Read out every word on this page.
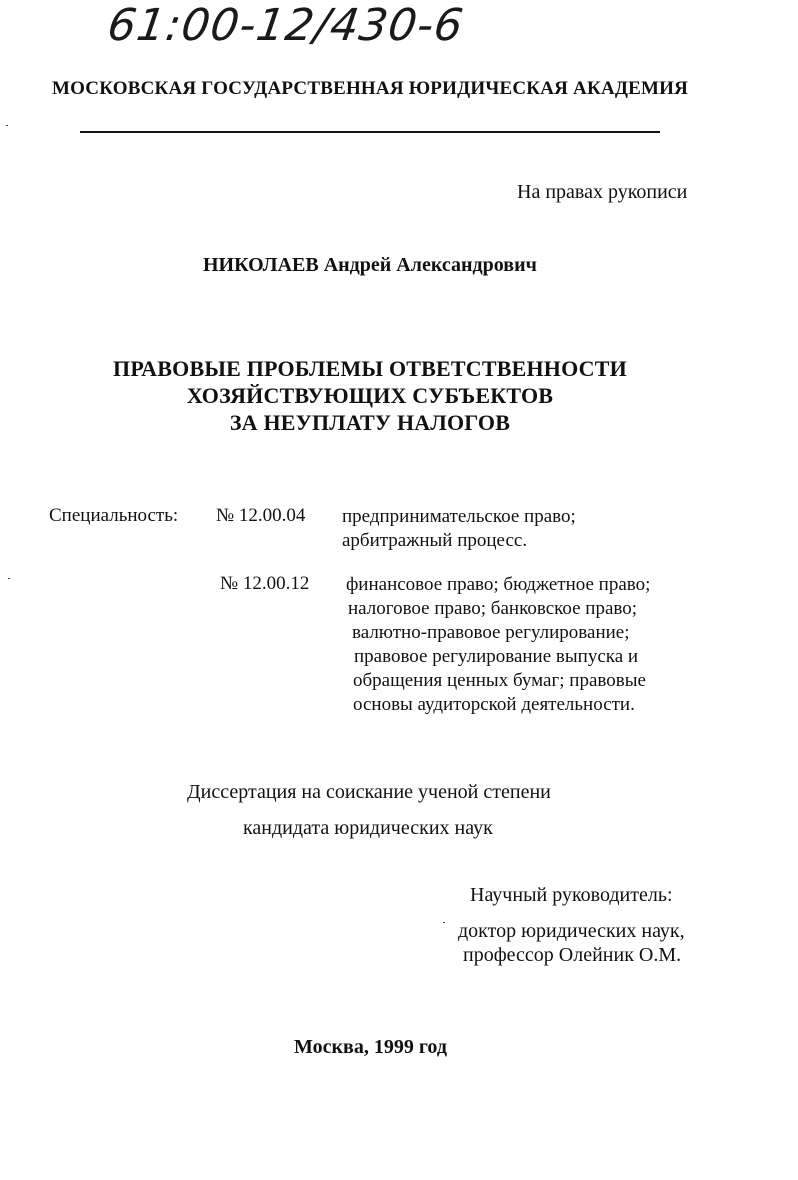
61:00-12/430-6
МОСКОВСКАЯ ГОСУДАРСТВЕННАЯ ЮРИДИЧЕСКАЯ АКАДЕМИЯ
На правах рукописи
НИКОЛАЕВ Андрей Александрович
ПРАВОВЫЕ ПРОБЛЕМЫ ОТВЕТСТВЕННОСТИ
ХОЗЯЙСТВУЮЩИХ СУБЪЕКТОВ
ЗА НЕУПЛАТУ НАЛОГОВ
Специальность: № 12.00.04 предпринимательское право;
арбитражный процесс.
№ 12.00.12 финансовое право; бюджетное право;
налоговое право; банковское право;
валютно-правовое регулирование;
правовое регулирование выпуска и
обращения ценных бумаг; правовые
основы аудиторской деятельности.
Диссертация на соискание ученой степени
кандидата юридических наук
Научный руководитель:
доктор юридических наук,
профессор Олейник О.М.
Москва, 1999 год
